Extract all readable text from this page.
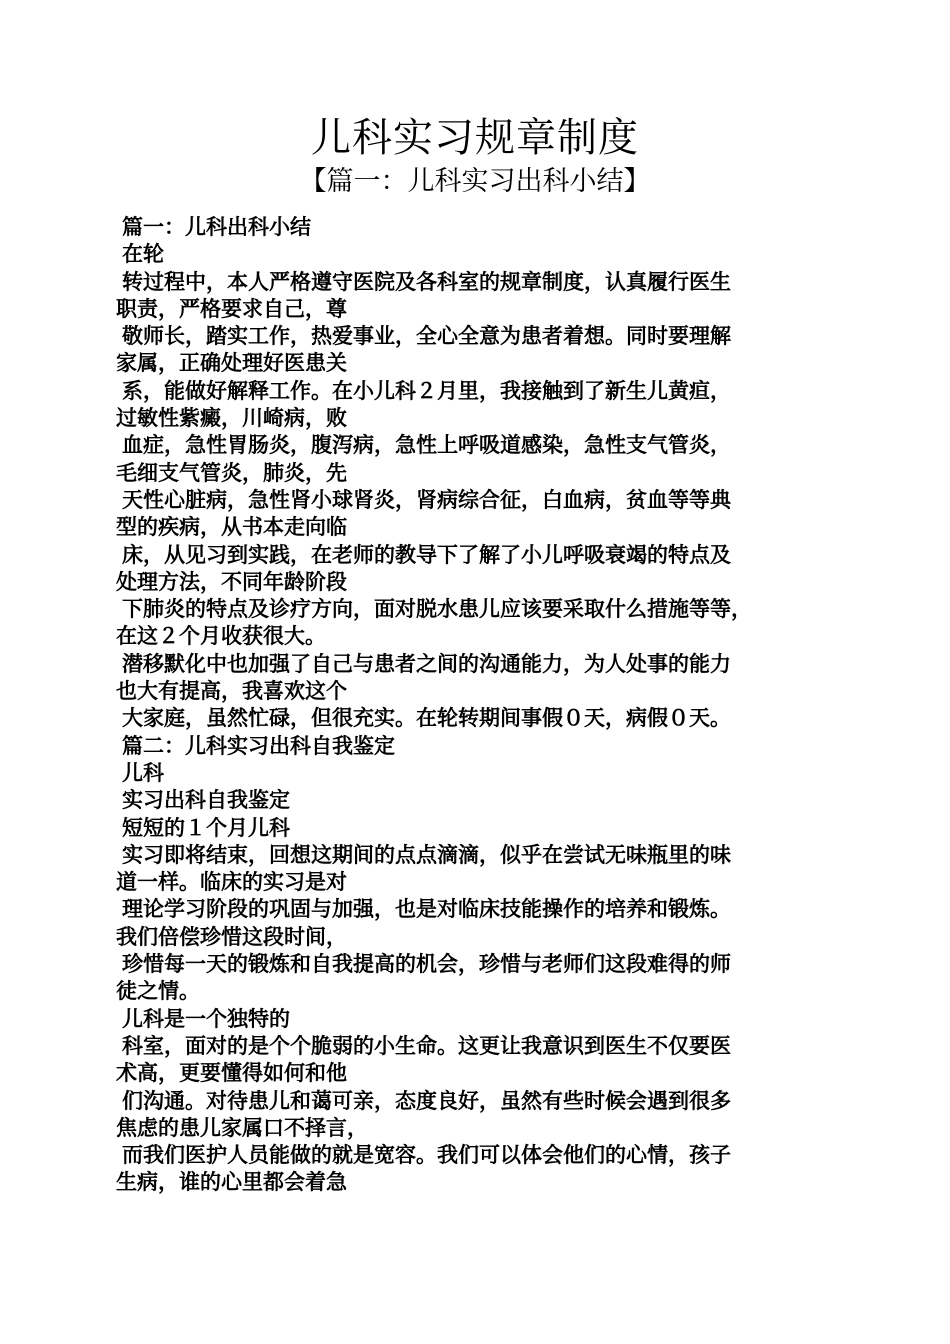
儿科实习规章制度
【篇一：儿科实习出科小结】
篇一：儿科出科小结
在轮
转过程中，本人严格遵守医院及各科室的规章制度，认真履行医生
职责，严格要求自己，尊
敬师长，踏实工作，热爱事业，全心全意为患者着想。同时要理解
家属，正确处理好医患关
系，能做好解释工作。在小儿科２月里，我接触到了新生儿黄疸，
过敏性紫癜，川崎病，败
血症，急性胃肠炎，腹泻病，急性上呼吸道感染，急性支气管炎，
毛细支气管炎，肺炎，先
天性心脏病，急性肾小球肾炎，肾病综合征，白血病，贫血等等典
型的疾病，从书本走向临
床，从见习到实践，在老师的教导下了解了小儿呼吸衰竭的特点及
处理方法，不同年龄阶段
下肺炎的特点及诊疗方向，面对脱水患儿应该要采取什么措施等等，
在这２个月收获很大。
潜移默化中也加强了自己与患者之间的沟通能力，为人处事的能力
也大有提高，我喜欢这个
大家庭，虽然忙碌，但很充实。在轮转期间事假０天，病假０天。
篇二：儿科实习出科自我鉴定
儿科
实习出科自我鉴定
短短的１个月儿科
实习即将结束，回想这期间的点点滴滴，似乎在尝试无味瓶里的味
道一样。临床的实习是对
理论学习阶段的巩固与加强，也是对临床技能操作的培养和锻炼。
我们倍偿珍惜这段时间，
珍惜每一天的锻炼和自我提高的机会，珍惜与老师们这段难得的师
徒之情。
儿科是一个独特的
科室，面对的是个个脆弱的小生命。这更让我意识到医生不仅要医
术高，更要懂得如何和他
们沟通。对待患儿和蔼可亲，态度良好，虽然有些时候会遇到很多
焦虑的患儿家属口不择言，
而我们医护人员能做的就是宽容。我们可以体会他们的心情，孩子
生病，谁的心里都会着急
